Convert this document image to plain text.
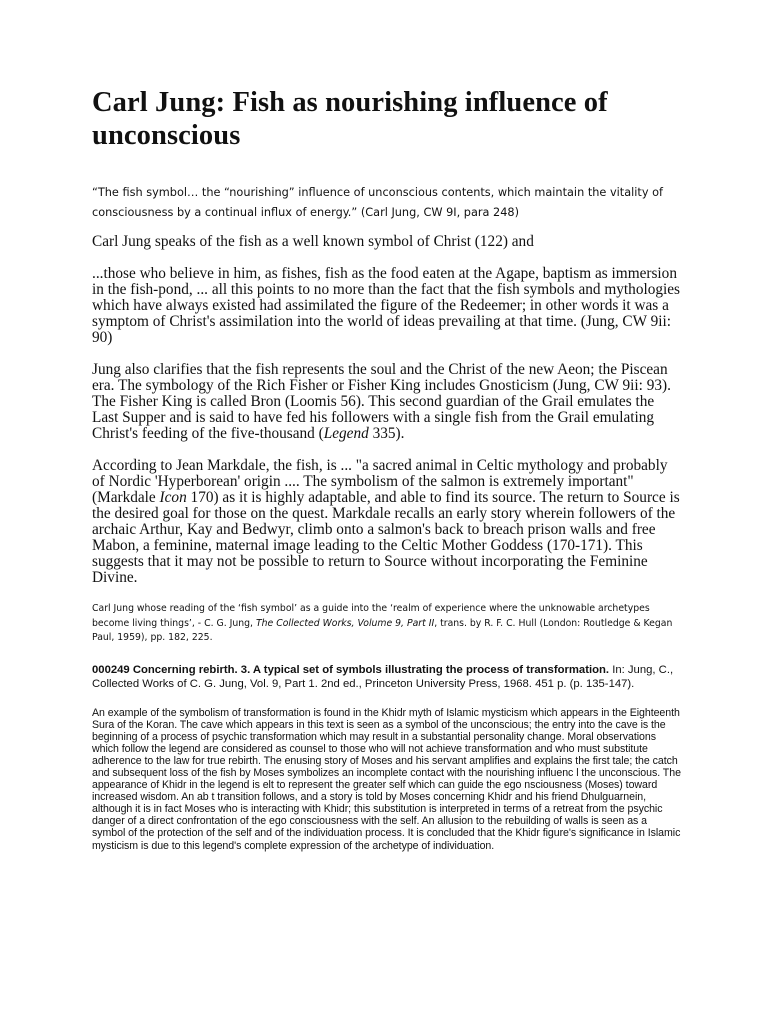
Carl Jung: Fish as nourishing influence of unconscious

“The fish symbol… the “nourishing” influence of unconscious contents, which maintain the vitality of consciousness by a continual influx of energy.” (Carl Jung, CW 9I, para 248)

Carl Jung speaks of the fish as a well known symbol of Christ (122) and

...those who believe in him, as fishes, fish as the food eaten at the Agape, baptism as immersion in the fish-pond, ... all this points to no more than the fact that the fish symbols and mythologies which have always existed had assimilated the figure of the Redeemer; in other words it was a symptom of Christ's assimilation into the world of ideas prevailing at that time. (Jung, CW 9ii: 90)

Jung also clarifies that the fish represents the soul and the Christ of the new Aeon; the Piscean era. The symbology of the Rich Fisher or Fisher King includes Gnosticism (Jung, CW 9ii: 93). The Fisher King is called Bron (Loomis 56). This second guardian of the Grail emulates the Last Supper and is said to have fed his followers with a single fish from the Grail emulating Christ's feeding of the five-thousand (Legend 335).

According to Jean Markdale, the fish, is ... "a sacred animal in Celtic mythology and probably of Nordic 'Hyperborean' origin .... The symbolism of the salmon is extremely important" (Markdale Icon 170) as it is highly adaptable, and able to find its source. The return to Source is the desired goal for those on the quest. Markdale recalls an early story wherein followers of the archaic Arthur, Kay and Bedwyr, climb onto a salmon's back to breach prison walls and free Mabon, a feminine, maternal image leading to the Celtic Mother Goddess (170-171). This suggests that it may not be possible to return to Source without incorporating the Feminine Divine.

Carl Jung whose reading of the ‘fish symbol’ as a guide into the ‘realm of experience where the unknowable archetypes become living things’, - C. G. Jung, The Collected Works, Volume 9, Part II, trans. by R. F. C. Hull (London: Routledge & Kegan Paul, 1959), pp. 182, 225.

000249 Concerning rebirth. 3. A typical set of symbols illustrating the process of transformation. In: Jung, C., Collected Works of C. G. Jung, Vol. 9, Part 1. 2nd ed., Princeton University Press, 1968. 451 p. (p. 135-147).

An example of the symbolism of transformation is found in the Khidr myth of Islamic mysticism which appears in the Eighteenth Sura of the Koran. The cave which appears in this text is seen as a symbol of the unconscious; the entry into the cave is the beginning of a process of psychic transformation which may result in a substantial personality change. Moral observations which follow the legend are considered as counsel to those who will not achieve transformation and who must substitute adherence to the law for true rebirth. The enusing story of Moses and his servant amplifies and explains the first tale; the catch and subsequent loss of the fish by Moses symbolizes an incomplete contact with the nourishing influenc l the unconscious. The appearance of Khidr in the legend is elt to represent the greater self which can guide the ego nsciousness (Moses) toward increased wisdom. An ab t transition follows, and a story is told by Moses concerning Khidr and his friend Dhulguarnein, although it is in fact Moses who is interacting with Khidr; this substitution is interpreted in terms of a retreat from the psychic danger of a direct confrontation of the ego consciousness with the self. An allusion to the rebuilding of walls is seen as a symbol of the protection of the self and of the individuation process. It is concluded that the Khidr figure's significance in Islamic mysticism is due to this legend's complete expression of the archetype of individuation.
